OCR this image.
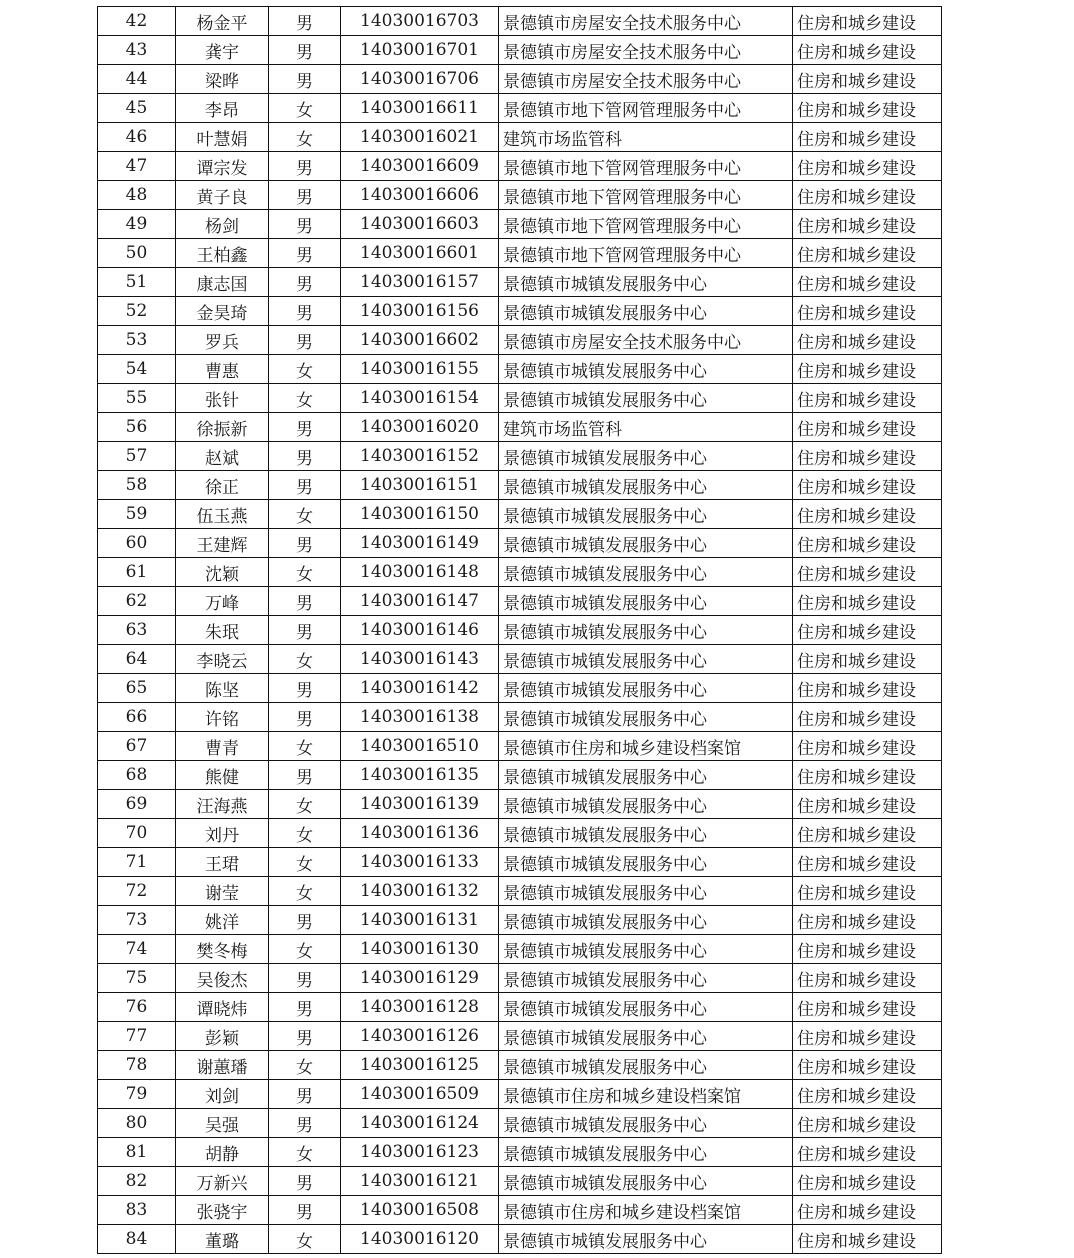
42	杨金平	男	14030016703	景德镇市房屋安全技术服务中心	住房和城乡建设
43	龚宇	男	14030016701	景德镇市房屋安全技术服务中心	住房和城乡建设
44	梁晔	男	14030016706	景德镇市房屋安全技术服务中心	住房和城乡建设
45	李昂	女	14030016611	景德镇市地下管网管理服务中心	住房和城乡建设
46	叶慧娟	女	14030016021	建筑市场监管科	住房和城乡建设
47	谭宗发	男	14030016609	景德镇市地下管网管理服务中心	住房和城乡建设
48	黄子良	男	14030016606	景德镇市地下管网管理服务中心	住房和城乡建设
49	杨剑	男	14030016603	景德镇市地下管网管理服务中心	住房和城乡建设
50	王柏鑫	男	14030016601	景德镇市地下管网管理服务中心	住房和城乡建设
51	康志国	男	14030016157	景德镇市城镇发展服务中心	住房和城乡建设
52	金昊琦	男	14030016156	景德镇市城镇发展服务中心	住房和城乡建设
53	罗兵	男	14030016602	景德镇市房屋安全技术服务中心	住房和城乡建设
54	曹惠	女	14030016155	景德镇市城镇发展服务中心	住房和城乡建设
55	张针	女	14030016154	景德镇市城镇发展服务中心	住房和城乡建设
56	徐振新	男	14030016020	建筑市场监管科	住房和城乡建设
57	赵斌	男	14030016152	景德镇市城镇发展服务中心	住房和城乡建设
58	徐正	男	14030016151	景德镇市城镇发展服务中心	住房和城乡建设
59	伍玉燕	女	14030016150	景德镇市城镇发展服务中心	住房和城乡建设
60	王建辉	男	14030016149	景德镇市城镇发展服务中心	住房和城乡建设
61	沈颖	女	14030016148	景德镇市城镇发展服务中心	住房和城乡建设
62	万峰	男	14030016147	景德镇市城镇发展服务中心	住房和城乡建设
63	朱珉	男	14030016146	景德镇市城镇发展服务中心	住房和城乡建设
64	李晓云	女	14030016143	景德镇市城镇发展服务中心	住房和城乡建设
65	陈坚	男	14030016142	景德镇市城镇发展服务中心	住房和城乡建设
66	许铭	男	14030016138	景德镇市城镇发展服务中心	住房和城乡建设
67	曹青	女	14030016510	景德镇市住房和城乡建设档案馆	住房和城乡建设
68	熊健	男	14030016135	景德镇市城镇发展服务中心	住房和城乡建设
69	汪海燕	女	14030016139	景德镇市城镇发展服务中心	住房和城乡建设
70	刘丹	女	14030016136	景德镇市城镇发展服务中心	住房和城乡建设
71	王珺	女	14030016133	景德镇市城镇发展服务中心	住房和城乡建设
72	谢莹	女	14030016132	景德镇市城镇发展服务中心	住房和城乡建设
73	姚洋	男	14030016131	景德镇市城镇发展服务中心	住房和城乡建设
74	樊冬梅	女	14030016130	景德镇市城镇发展服务中心	住房和城乡建设
75	吴俊杰	男	14030016129	景德镇市城镇发展服务中心	住房和城乡建设
76	谭晓炜	男	14030016128	景德镇市城镇发展服务中心	住房和城乡建设
77	彭颖	男	14030016126	景德镇市城镇发展服务中心	住房和城乡建设
78	谢蕙璠	女	14030016125	景德镇市城镇发展服务中心	住房和城乡建设
79	刘剑	男	14030016509	景德镇市住房和城乡建设档案馆	住房和城乡建设
80	吴强	男	14030016124	景德镇市城镇发展服务中心	住房和城乡建设
81	胡静	女	14030016123	景德镇市城镇发展服务中心	住房和城乡建设
82	万新兴	男	14030016121	景德镇市城镇发展服务中心	住房和城乡建设
83	张骁宇	男	14030016508	景德镇市住房和城乡建设档案馆	住房和城乡建设
84	董璐	女	14030016120	景德镇市城镇发展服务中心	住房和城乡建设
